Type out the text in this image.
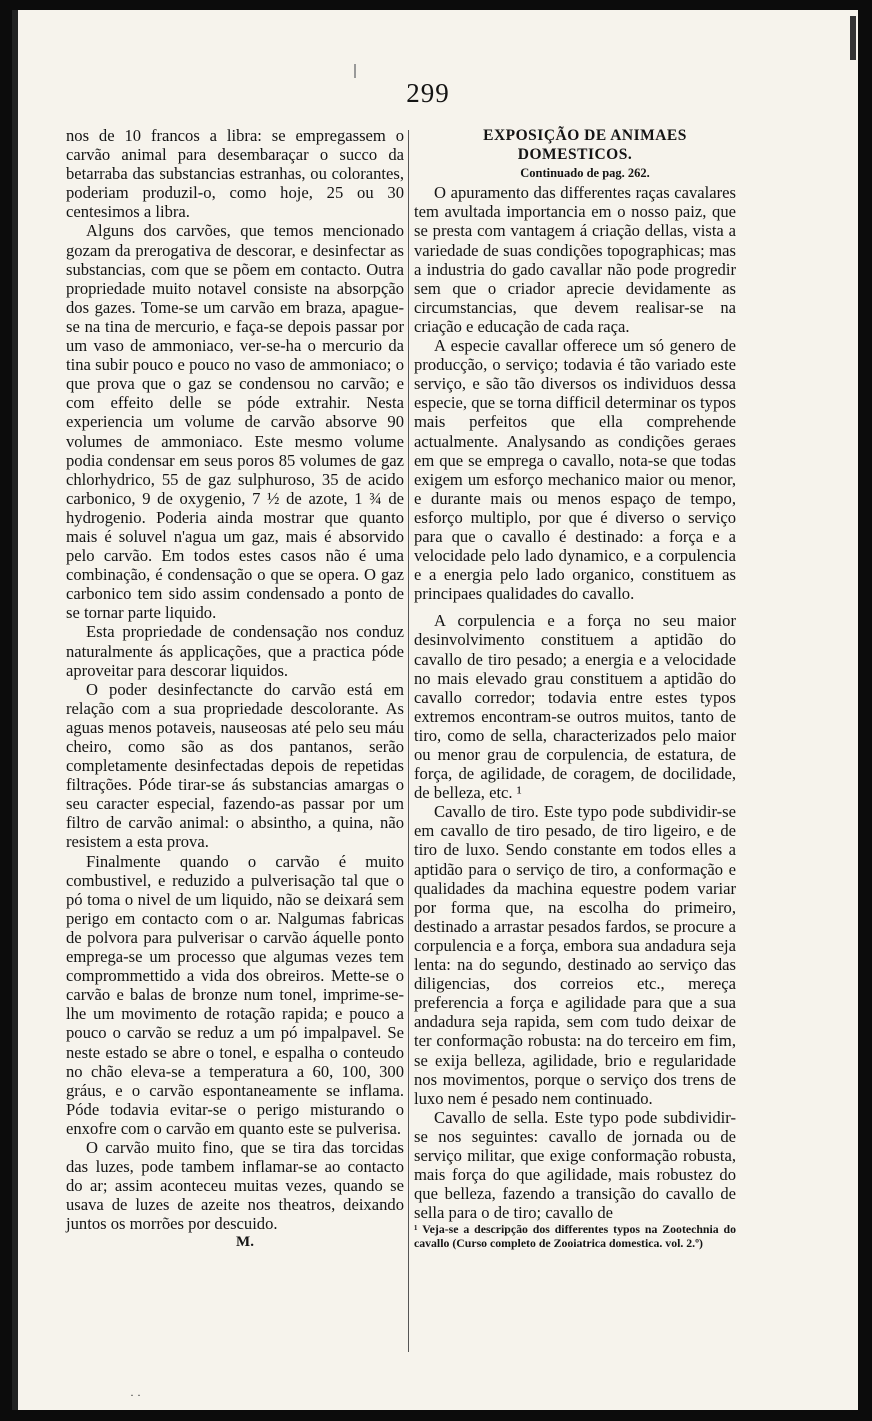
299

nos de 10 francos a libra: se empregassem o carvão animal para desembaraçar o succo da betarraba das substancias estranhas, ou colorantes, poderiam produzil-o, como hoje, 25 ou 30 centesimos a libra.

Alguns dos carvões, que temos mencionado gozam da prerogativa de descorar, e desinfectar as substancias, com que se põem em contacto. Outra propriedade muito notavel consiste na absorpção dos gazes. Tome-se um carvão em braza, apague-se na tina de mercurio, e faça-se depois passar por um vaso de ammoniaco, ver-se-ha o mercurio da tina subir pouco e pouco no vaso de ammoniaco; o que prova que o gaz se condensou no carvão; e com effeito delle se póde extrahir. Nesta experiencia um volume de carvão absorve 90 volumes de ammoniaco. Este mesmo volume podia condensar em seus poros 85 volumes de gaz chlorhydrico, 55 de gaz sulphuroso, 35 de acido carbonico, 9 de oxygenio, 7 ½ de azote, 1 ¾ de hydrogenio. Poderia ainda mostrar que quanto mais é soluvel n'agua um gaz, mais é absorvido pelo carvão. Em todos estes casos não é uma combinação, é condensação o que se opera. O gaz carbonico tem sido assim condensado a ponto de se tornar parte liquido.

Esta propriedade de condensação nos conduz naturalmente ás applicações, que a practica póde aproveitar para descorar liquidos.

O poder desinfectancte do carvão está em relação com a sua propriedade descolorante. As aguas menos potaveis, nauseosas até pelo seu máu cheiro, como são as dos pantanos, serão completamente desinfectadas depois de repetidas filtrações. Póde tirar-se ás substancias amargas o seu caracter especial, fazendo-as passar por um filtro de carvão animal: o absintho, a quina, não resistem a esta prova.

Finalmente quando o carvão é muito combustivel, e reduzido a pulverisação tal que o pó toma o nivel de um liquido, não se deixará sem perigo em contacto com o ar. Nalgumas fabricas de polvora para pulverisar o carvão áquelle ponto emprega-se um processo que algumas vezes tem comprommettido a vida dos obreiros. Mette-se o carvão e balas de bronze num tonel, imprime-se-lhe um movimento de rotação rapida; e pouco a pouco o carvão se reduz a um pó impalpavel. Se neste estado se abre o tonel, e espalha o conteudo no chão eleva-se a temperatura a 60, 100, 300 gráus, e o carvão espontaneamente se inflama. Póde todavia evitar-se o perigo misturando o enxofre com o carvão em quanto este se pulverisa.

O carvão muito fino, que se tira das torcidas das luzes, pode tambem inflamar-se ao contacto do ar; assim aconteceu muitas vezes, quando se usava de luzes de azeite nos theatros, deixando juntos os morrões por descuido.

M.

EXPOSIÇÃO DE ANIMAES DOMESTICOS.

Continuado de pag. 262.

O apuramento das differentes raças cavalares tem avultada importancia em o nosso paiz, que se presta com vantagem á criação dellas, vista a variedade de suas condições topographicas; mas a industria do gado cavallar não pode progredir sem que o criador aprecie devidamente as circumstancias, que devem realisar-se na criação e educação de cada raça.

A especie cavallar offerece um só genero de producção, o serviço; todavia é tão variado este serviço, e são tão diversos os individuos dessa especie, que se torna difficil determinar os typos mais perfeitos que ella comprehende actualmente. Analysando as condições geraes em que se emprega o cavallo, nota-se que todas exigem um esforço mechanico maior ou menor, e durante mais ou menos espaço de tempo, esforço multiplo, por que é diverso o serviço para que o cavallo é destinado: a força e a velocidade pelo lado dynamico, e a corpulencia e a energia pelo lado organico, constituem as principaes qualidades do cavallo.

A corpulencia e a força no seu maior desinvolvimento constituem a aptidão do cavallo de tiro pesado; a energia e a velocidade no mais elevado grau constituem a aptidão do cavallo corredor; todavia entre estes typos extremos encontram-se outros muitos, tanto de tiro, como de sella, characterizados pelo maior ou menor grau de corpulencia, de estatura, de força, de agilidade, de coragem, de docilidade, de belleza, etc. ¹

Cavallo de tiro. Este typo pode subdividir-se em cavallo de tiro pesado, de tiro ligeiro, e de tiro de luxo. Sendo constante em todos elles a aptidão para o serviço de tiro, a conformação e qualidades da machina equestre podem variar por forma que, na escolha do primeiro, destinado a arrastar pesados fardos, se procure a corpulencia e a força, embora sua andadura seja lenta: na do segundo, destinado ao serviço das diligencias, dos correios etc., mereça preferencia a força e agilidade para que a sua andadura seja rapida, sem com tudo deixar de ter conformação robusta: na do terceiro em fim, se exija belleza, agilidade, brio e regularidade nos movimentos, porque o serviço dos trens de luxo nem é pesado nem continuado.

Cavallo de sella. Este typo pode subdividir-se nos seguintes: cavallo de jornada ou de serviço militar, que exige conformação robusta, mais força do que agilidade, mais robustez do que belleza, fazendo a transição do cavallo de sella para o de tiro; cavallo de

¹ Veja-se a descripção dos differentes typos na Zootechnia do cavallo (Curso completo de Zooiatrica domestica. vol. 2.º)

· ·
